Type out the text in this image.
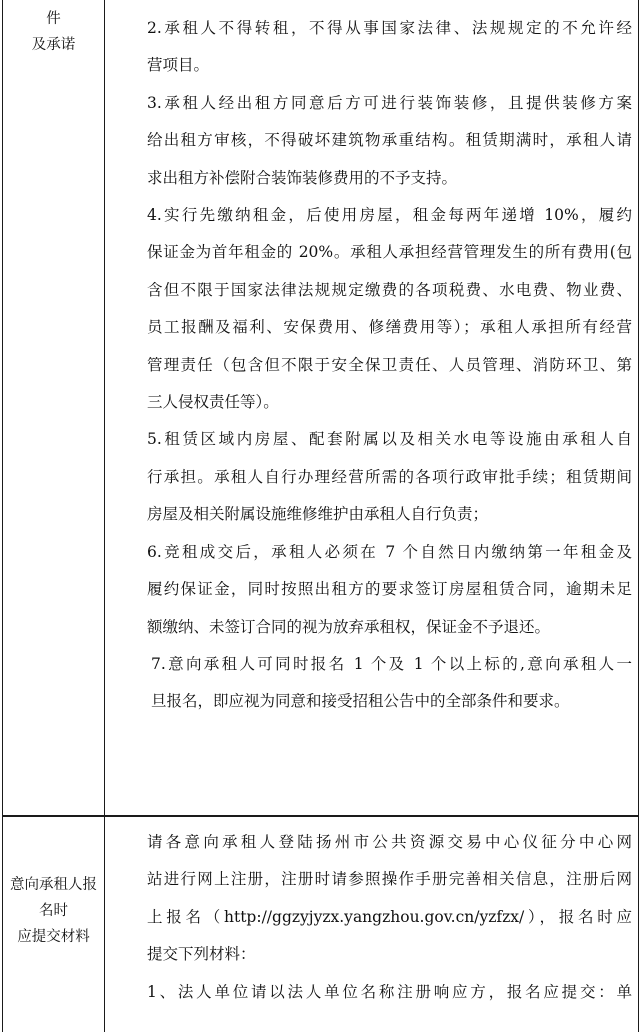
件
及承诺

2.承租人不得转租，不得从事国家法律、法规规定的不允许经
营项目。

3.承租人经出租方同意后方可进行装饰装修，且提供装修方案
给出租方审核，不得破坏建筑物承重结构。租赁期满时，承租人请
求出租方补偿附合装饰装修费用的不予支持。

4.实行先缴纳租金，后使用房屋，租金每两年递增 10%，履约
保证金为首年租金的 20%。承租人承担经营管理发生的所有费用(包
含但不限于国家法律法规规定缴费的各项税费、水电费、物业费、
员工报酬及福利、安保费用、修缮费用等）；承租人承担所有经营
管理责任（包含但不限于安全保卫责任、人员管理、消防环卫、第
三人侵权责任等）。

5.租赁区域内房屋、配套附属以及相关水电等设施由承租人自
行承担。承租人自行办理经营所需的各项行政审批手续；租赁期间
房屋及相关附属设施维修维护由承租人自行负责；

6.竞租成交后，承租人必须在 7 个自然日内缴纳第一年租金及
履约保证金，同时按照出租方的要求签订房屋租赁合同，逾期未足
额缴纳、未签订合同的视为放弃承租权，保证金不予退还。

7.意向承租人可同时报名 1 个及 1 个以上标的,意向承租人一
旦报名，即应视为同意和接受招租公告中的全部条件和要求。

意向承租人报
名时
应提交材料

请各意向承租人登陆扬州市公共资源交易中心仪征分中心网
站进行网上注册，注册时请参照操作手册完善相关信息，注册后网
上报名（http://ggzyjyzx.yangzhou.gov.cn/yzfzx/），报名时应
提交下列材料：

1、法人单位请以法人单位名称注册响应方，报名应提交：单
